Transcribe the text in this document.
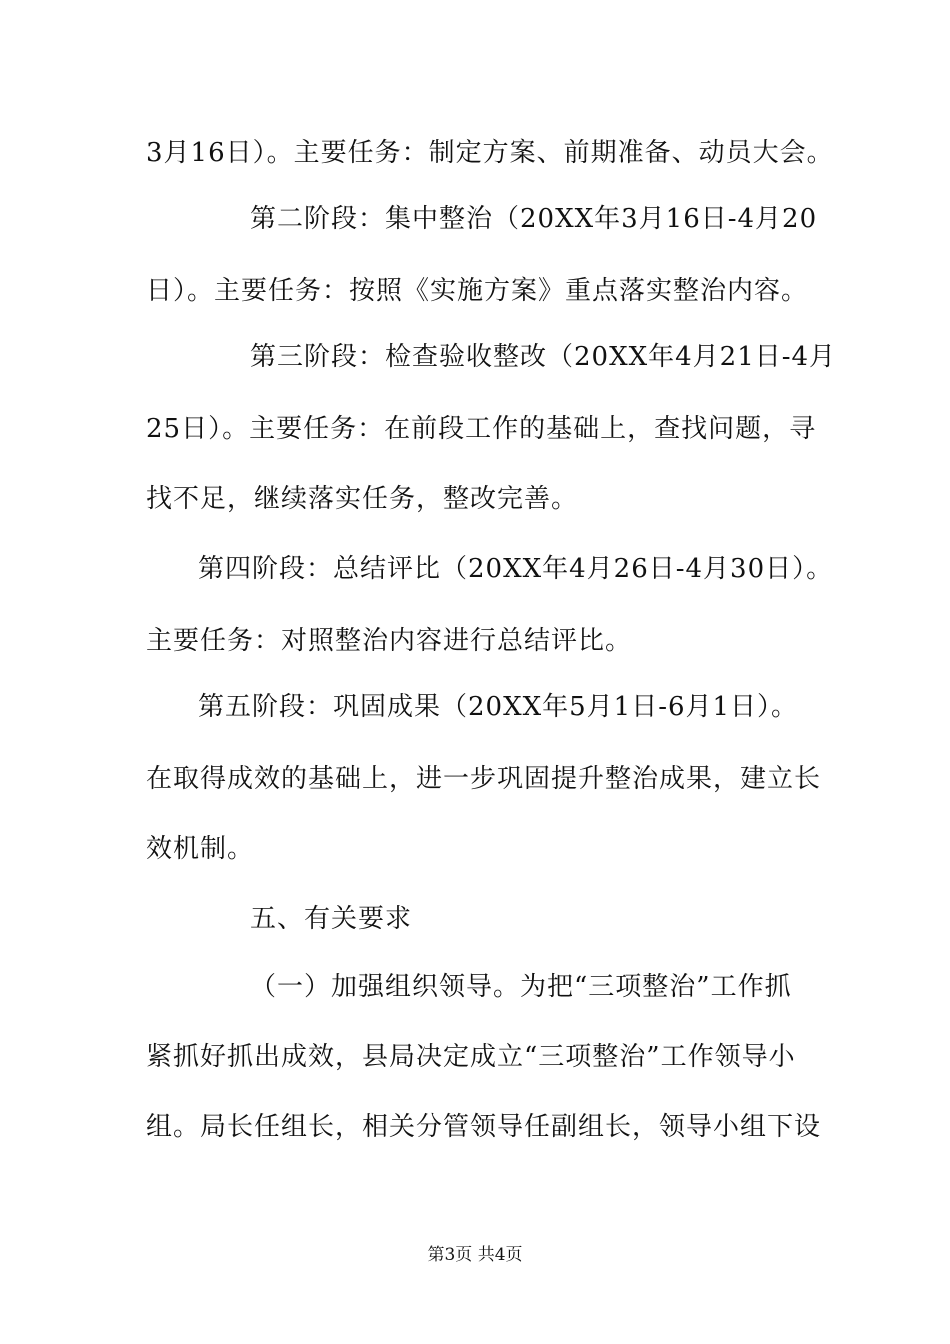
3月16日）。主要任务：制定方案、前期准备、动员大会。
第二阶段：集中整治（20XX年3月16日-4月20
日）。主要任务：按照《实施方案》重点落实整治内容。
第三阶段：检查验收整改（20XX年4月21日-4月
25日）。主要任务：在前段工作的基础上，查找问题，寻
找不足，继续落实任务，整改完善。
第四阶段：总结评比（20XX年4月26日-4月30日）。
主要任务：对照整治内容进行总结评比。
第五阶段：巩固成果（20XX年5月1日-6月1日）。
在取得成效的基础上，进一步巩固提升整治成果，建立长
效机制。
五、有关要求
（一）加强组织领导。为把“三项整治”工作抓
紧抓好抓出成效，县局决定成立“三项整治”工作领导小
组。局长任组长，相关分管领导任副组长，领导小组下设
第3页 共4页
